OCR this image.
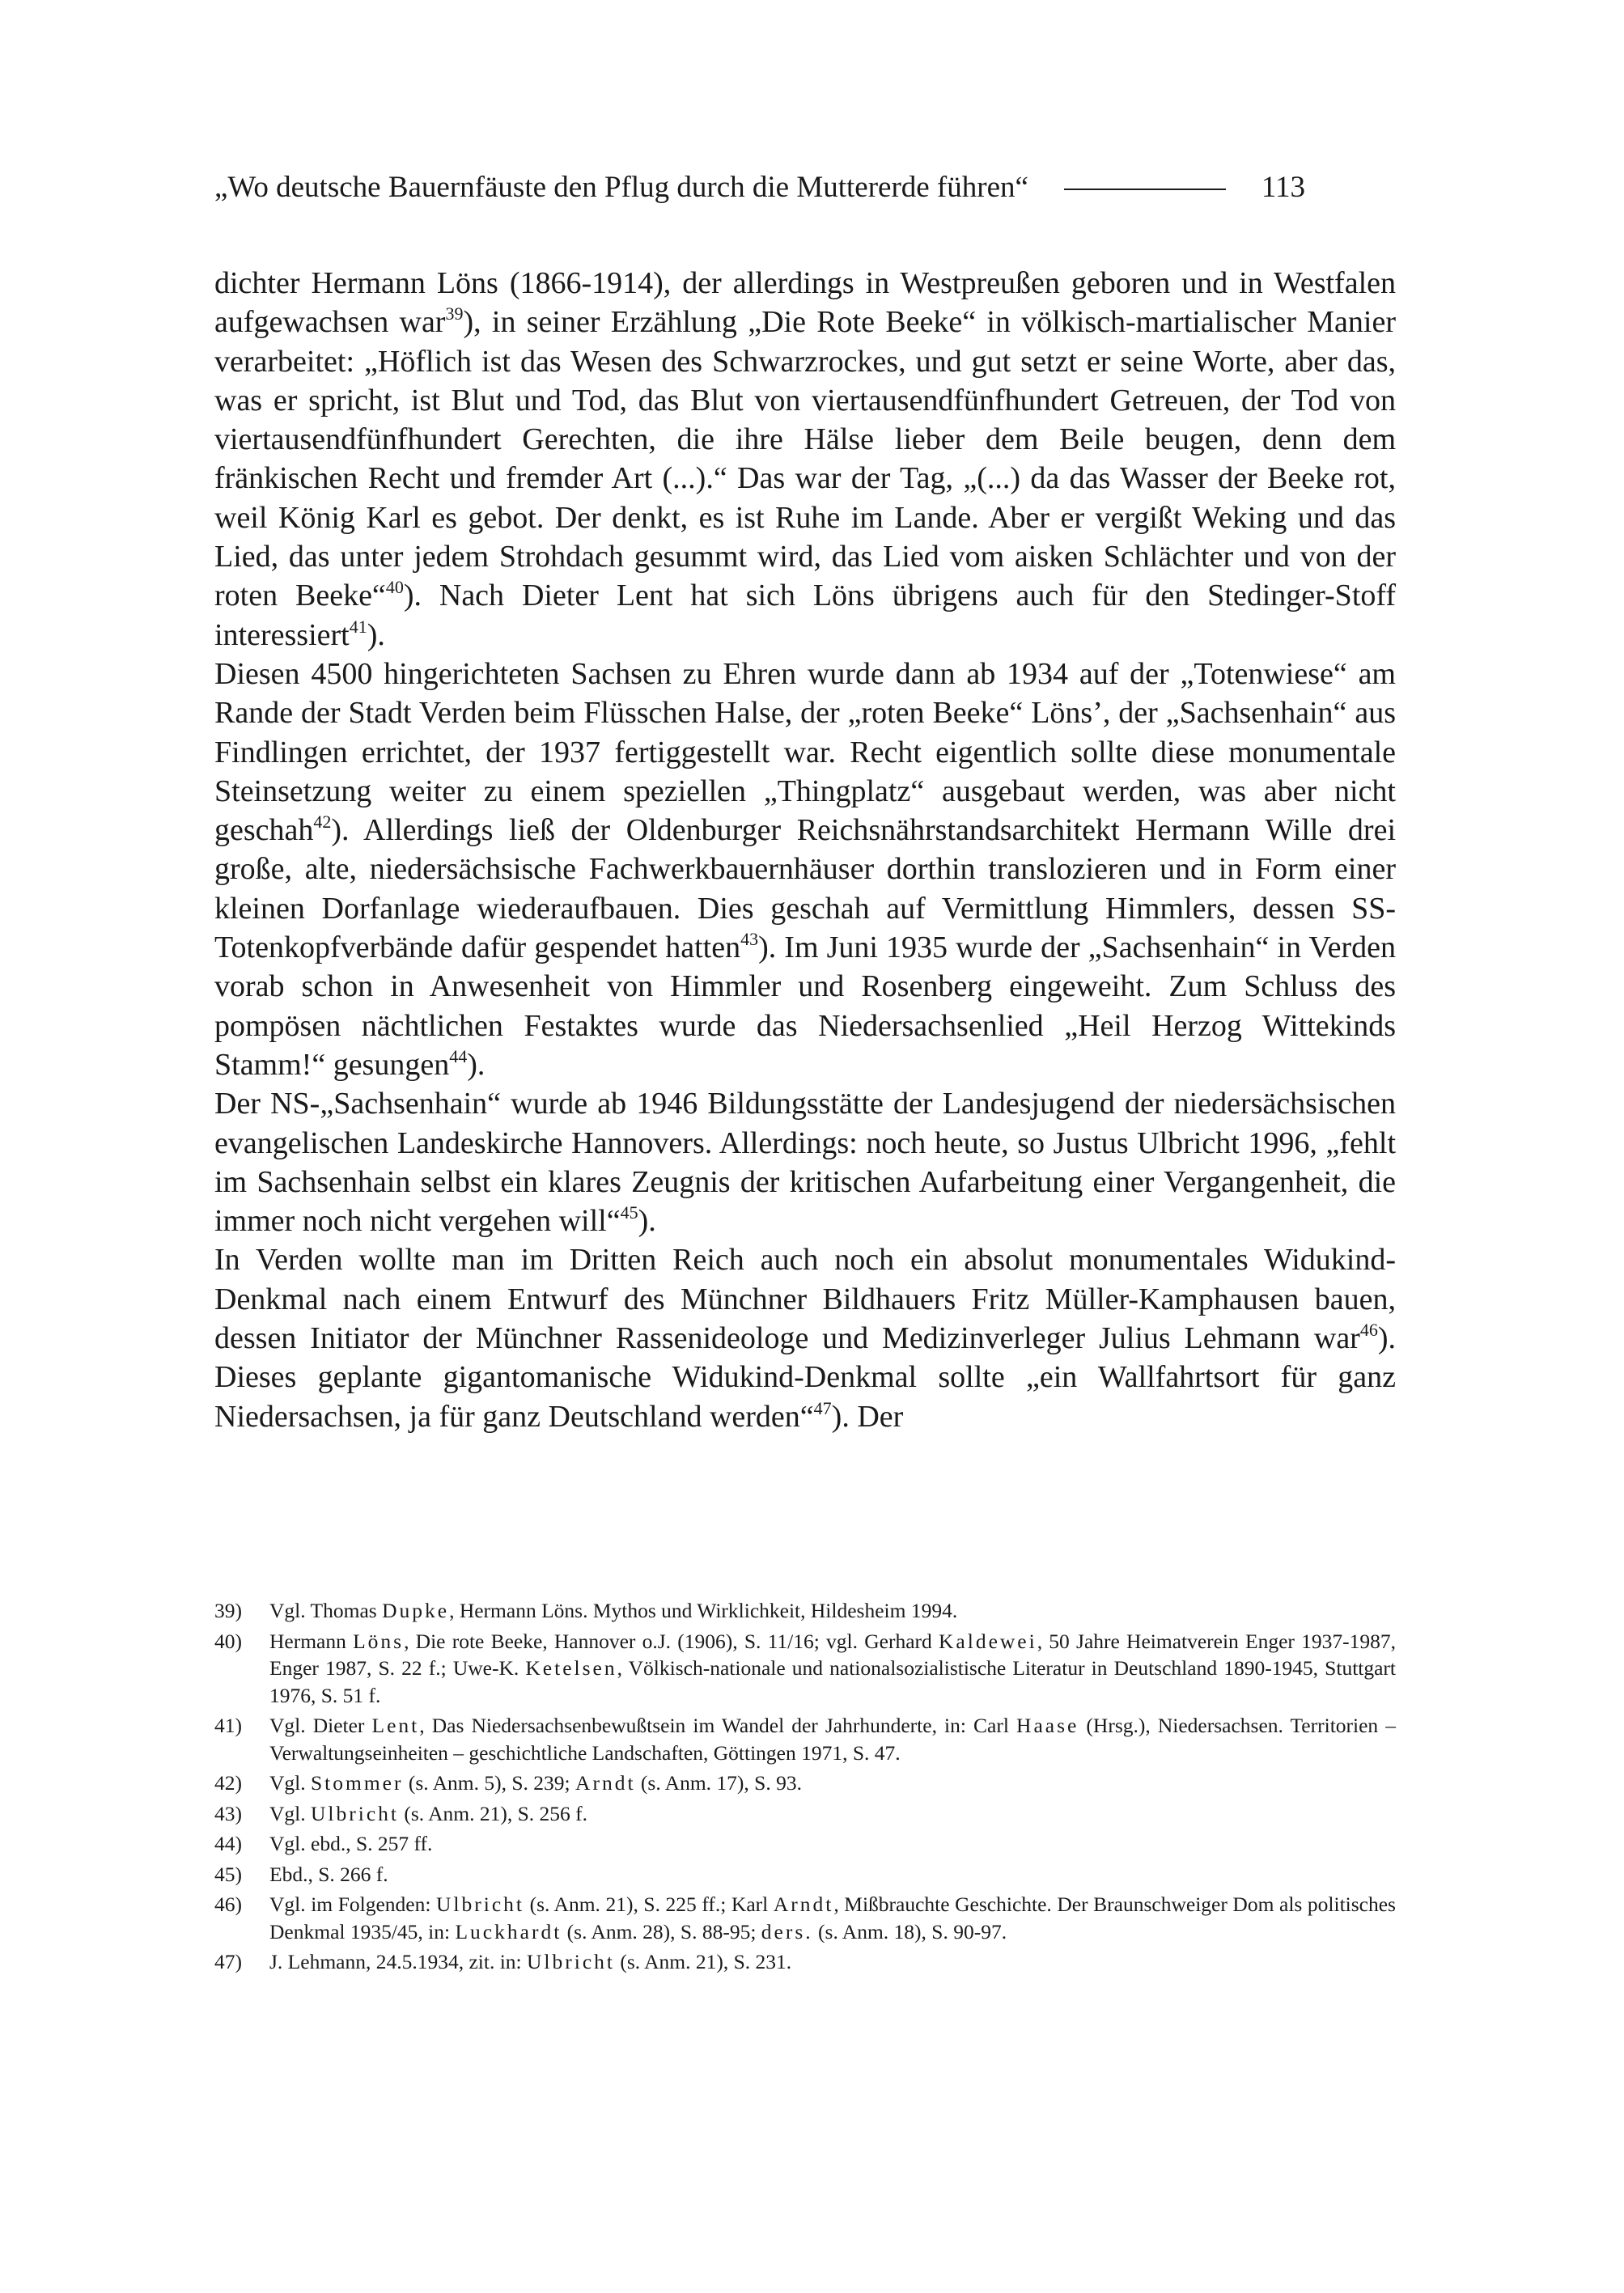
„Wo deutsche Bauernfäuste den Pflug durch die Muttererde führen“	113

dichter Hermann Löns (1866-1914), der allerdings in Westpreußen geboren und in Westfalen aufgewachsen war$^{39}$), in seiner Erzählung „Die Rote Beeke“ in völkisch-martialischer Manier verarbeitet: „Höflich ist das Wesen des Schwarzrockes, und gut setzt er seine Worte, aber das, was er spricht, ist Blut und Tod, das Blut von viertausendfünfhundert Getreuen, der Tod von viertausendfünfhundert Gerechten, die ihre Hälse lieber dem Beile beugen, denn dem fränkischen Recht und fremder Art (...).“ Das war der Tag, „(...) da das Wasser der Beeke rot, weil König Karl es gebot. Der denkt, es ist Ruhe im Lande. Aber er vergißt Weking und das Lied, das unter jedem Strohdach gesummt wird, das Lied vom aisken Schlächter und von der roten Beeke“$^{40}$). Nach Dieter Lent hat sich Löns übrigens auch für den Stedinger-Stoff interessiert$^{41}$).

Diesen 4500 hingerichteten Sachsen zu Ehren wurde dann ab 1934 auf der „Totenwiese“ am Rande der Stadt Verden beim Flüsschen Halse, der „roten Beeke“ Löns’, der „Sachsenhain“ aus Findlingen errichtet, der 1937 fertiggestellt war. Recht eigentlich sollte diese monumentale Steinsetzung weiter zu einem speziellen „Thingplatz“ ausgebaut werden, was aber nicht geschah$^{42}$). Allerdings ließ der Oldenburger Reichsnährstandsarchitekt Hermann Wille drei große, alte, niedersächsische Fachwerkbauernhäuser dorthin translozieren und in Form einer kleinen Dorfanlage wiederaufbauen. Dies geschah auf Vermittlung Himmlers, dessen SS-Totenkopfverbände dafür gespendet hatten$^{43}$). Im Juni 1935 wurde der „Sachsenhain“ in Verden vorab schon in Anwesenheit von Himmler und Rosenberg eingeweiht. Zum Schluss des pompösen nächtlichen Festaktes wurde das Niedersachsenlied „Heil Herzog Wittekinds Stamm!“ gesungen$^{44}$).

Der NS-„Sachsenhain“ wurde ab 1946 Bildungsstätte der Landesjugend der niedersächsischen evangelischen Landeskirche Hannovers. Allerdings: noch heute, so Justus Ulbricht 1996, „fehlt im Sachsenhain selbst ein klares Zeugnis der kritischen Aufarbeitung einer Vergangenheit, die immer noch nicht vergehen will“$^{45}$).

In Verden wollte man im Dritten Reich auch noch ein absolut monumentales Widukind-Denkmal nach einem Entwurf des Münchner Bildhauers Fritz Müller-Kamphausen bauen, dessen Initiator der Münchner Rassenideologe und Medizinverleger Julius Lehmann war$^{46}$). Dieses geplante gigantomanische Widukind-Denkmal sollte „ein Wallfahrtsort für ganz Niedersachsen, ja für ganz Deutschland werden“$^{47}$). Der

39)	Vgl. Thomas Dupke, Hermann Löns. Mythos und Wirklichkeit, Hildesheim 1994.
40)	Hermann Löns, Die rote Beeke, Hannover o.J. (1906), S. 11/16; vgl. Gerhard Kaldewei, 50 Jahre Heimatverein Enger 1937-1987, Enger 1987, S. 22 f.; Uwe-K. Ketelsen, Völkisch-nationale und nationalsozialistische Literatur in Deutschland 1890-1945, Stuttgart 1976, S. 51 f.
41)	Vgl. Dieter Lent, Das Niedersachsenbewußtsein im Wandel der Jahrhunderte, in: Carl Haase (Hrsg.), Niedersachsen. Territorien – Verwaltungseinheiten – geschichtliche Landschaften, Göttingen 1971, S. 47.
42)	Vgl. Stommer (s. Anm. 5), S. 239; Arndt (s. Anm. 17), S. 93.
43)	Vgl. Ulbricht (s. Anm. 21), S. 256 f.
44)	Vgl. ebd., S. 257 ff.
45)	Ebd., S. 266 f.
46)	Vgl. im Folgenden: Ulbricht (s. Anm. 21), S. 225 ff.; Karl Arndt, Mißbrauchte Geschichte. Der Braunschweiger Dom als politisches Denkmal 1935/45, in: Luckhardt (s. Anm. 28), S. 88-95; ders. (s. Anm. 18), S. 90-97.
47)	J. Lehmann, 24.5.1934, zit. in: Ulbricht (s. Anm. 21), S. 231.
